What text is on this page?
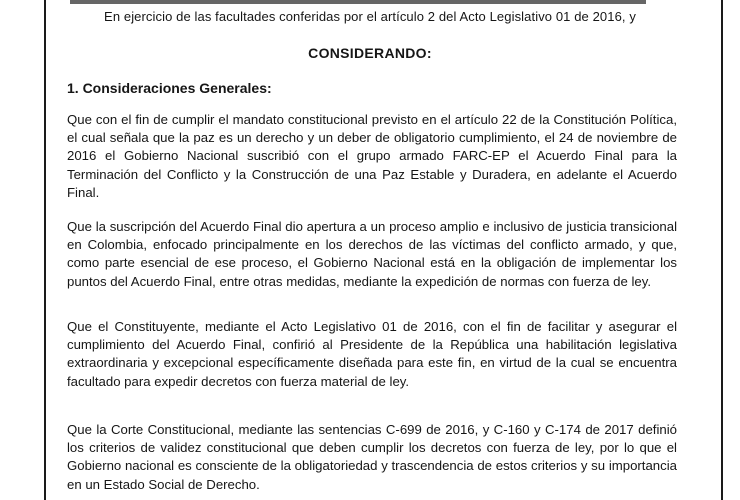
En ejercicio de las facultades conferidas por el artículo 2 del Acto Legislativo 01 de 2016, y
CONSIDERANDO:
1. Consideraciones Generales:

Que con el fin de cumplir el mandato constitucional previsto en el artículo 22 de la Constitución Política, el cual señala que la paz es un derecho y un deber de obligatorio cumplimiento, el 24 de noviembre de 2016 el Gobierno Nacional suscribió con el grupo armado FARC-EP el Acuerdo Final para la Terminación del Conflicto y la Construcción de una Paz Estable y Duradera, en adelante el Acuerdo Final.

Que la suscripción del Acuerdo Final dio apertura a un proceso amplio e inclusivo de justicia transicional en Colombia, enfocado principalmente en los derechos de las víctimas del conflicto armado, y que, como parte esencial de ese proceso, el Gobierno Nacional está en la obligación de implementar los puntos del Acuerdo Final, entre otras medidas, mediante la expedición de normas con fuerza de ley.

Que el Constituyente, mediante el Acto Legislativo 01 de 2016, con el fin de facilitar y asegurar el cumplimiento del Acuerdo Final, confirió al Presidente de la República una habilitación legislativa extraordinaria y excepcional específicamente diseñada para este fin, en virtud de la cual se encuentra facultado para expedir decretos con fuerza material de ley.

Que la Corte Constitucional, mediante las sentencias C-699 de 2016, y C-160 y C-174 de 2017 definió los criterios de validez constitucional que deben cumplir los decretos con fuerza de ley, por lo que el Gobierno nacional es consciente de la obligatoriedad y trascendencia de estos criterios y su importancia en un Estado Social de Derecho.
